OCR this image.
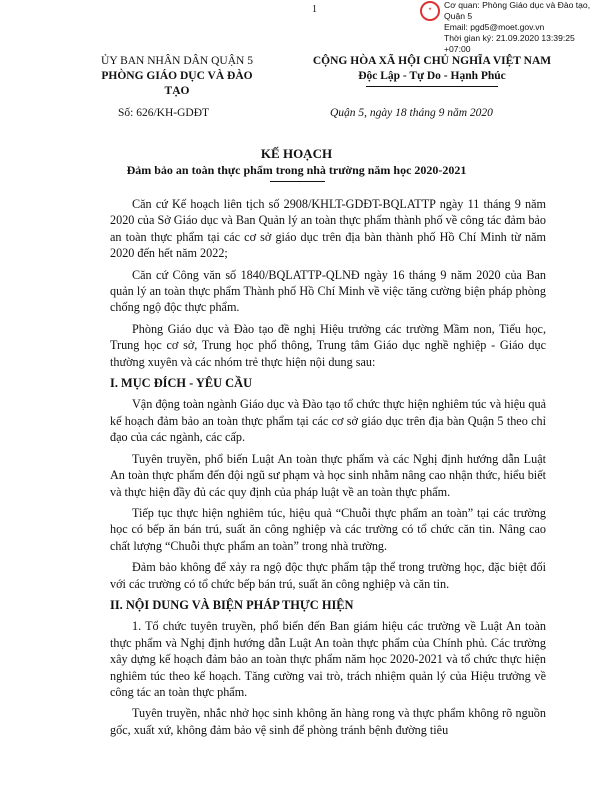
1	★	Cơ quan: Phòng Giáo dục và Đào tạo, Quận 5
Email: pgd5@moet.gov.vn
Thời gian ký: 21.09.2020 13:39:25 +07:00
ỦY BAN NHÂN DÂN QUẬN 5
PHÒNG GIÁO DỤC VÀ ĐÀO TẠO
CỘNG HÒA XÃ HỘI CHỦ NGHĨA VIỆT NAM
Độc Lập - Tự Do - Hạnh Phúc
Số: 626/KH-GDĐT	Quận 5, ngày 18 tháng 9 năm 2020
KẾ HOẠCH
Đảm bảo an toàn thực phẩm trong nhà trường năm học 2020-2021

Căn cứ Kế hoạch liên tịch số 2908/KHLT-GDĐT-BQLATTP ngày 11 tháng 9 năm 2020 của Sở Giáo dục và Ban Quản lý an toàn thực phẩm thành phố về công tác đảm bảo an toàn thực phẩm tại các cơ sở giáo dục trên địa bàn thành phố Hồ Chí Minh từ năm 2020 đến hết năm 2022;

Căn cứ Công văn số 1840/BQLATTP-QLNĐ ngày 16 tháng 9 năm 2020 của Ban quản lý an toàn thực phẩm Thành phố Hồ Chí Minh về việc tăng cường biện pháp phòng chống ngộ độc thực phẩm.

Phòng Giáo dục và Đào tạo đề nghị Hiệu trưởng các trường Mầm non, Tiểu học, Trung học cơ sở, Trung học phổ thông, Trung tâm Giáo dục nghề nghiệp - Giáo dục thường xuyên và các nhóm trẻ thực hiện nội dung sau:

I. MỤC ĐÍCH - YÊU CẦU

Vận động toàn ngành Giáo dục và Đào tạo tổ chức thực hiện nghiêm túc và hiệu quả kế hoạch đảm bảo an toàn thực phẩm tại các cơ sở giáo dục trên địa bàn Quận 5 theo chỉ đạo của các ngành, các cấp.

Tuyên truyền, phổ biến Luật An toàn thực phẩm và các Nghị định hướng dẫn Luật An toàn thực phẩm đến đội ngũ sư phạm và học sinh nhằm nâng cao nhận thức, hiểu biết và thực hiện đầy đủ các quy định của pháp luật về an toàn thực phẩm.

Tiếp tục thực hiện nghiêm túc, hiệu quả “Chuỗi thực phẩm an toàn” tại các trường học có bếp ăn bán trú, suất ăn công nghiệp và các trường có tổ chức căn tin. Nâng cao chất lượng “Chuỗi thực phẩm an toàn” trong nhà trường.

Đảm bảo không để xảy ra ngộ độc thực phẩm tập thể trong trường học, đặc biệt đối với các trường có tổ chức bếp bán trú, suất ăn công nghiệp và căn tin.

II. NỘI DUNG VÀ BIỆN PHÁP THỰC HIỆN

1. Tổ chức tuyên truyền, phổ biến đến Ban giám hiệu các trường về Luật An toàn thực phẩm và Nghị định hướng dẫn Luật An toàn thực phẩm của Chính phủ. Các trường xây dựng kế hoạch đảm bảo an toàn thực phẩm năm học 2020-2021 và tổ chức thực hiện nghiêm túc theo kế hoạch. Tăng cường vai trò, trách nhiệm quản lý của Hiệu trưởng về công tác an toàn thực phẩm.

Tuyên truyền, nhắc nhở học sinh không ăn hàng rong và thực phẩm không rõ nguồn gốc, xuất xứ, không đảm bảo vệ sinh để phòng tránh bệnh đường tiêu
